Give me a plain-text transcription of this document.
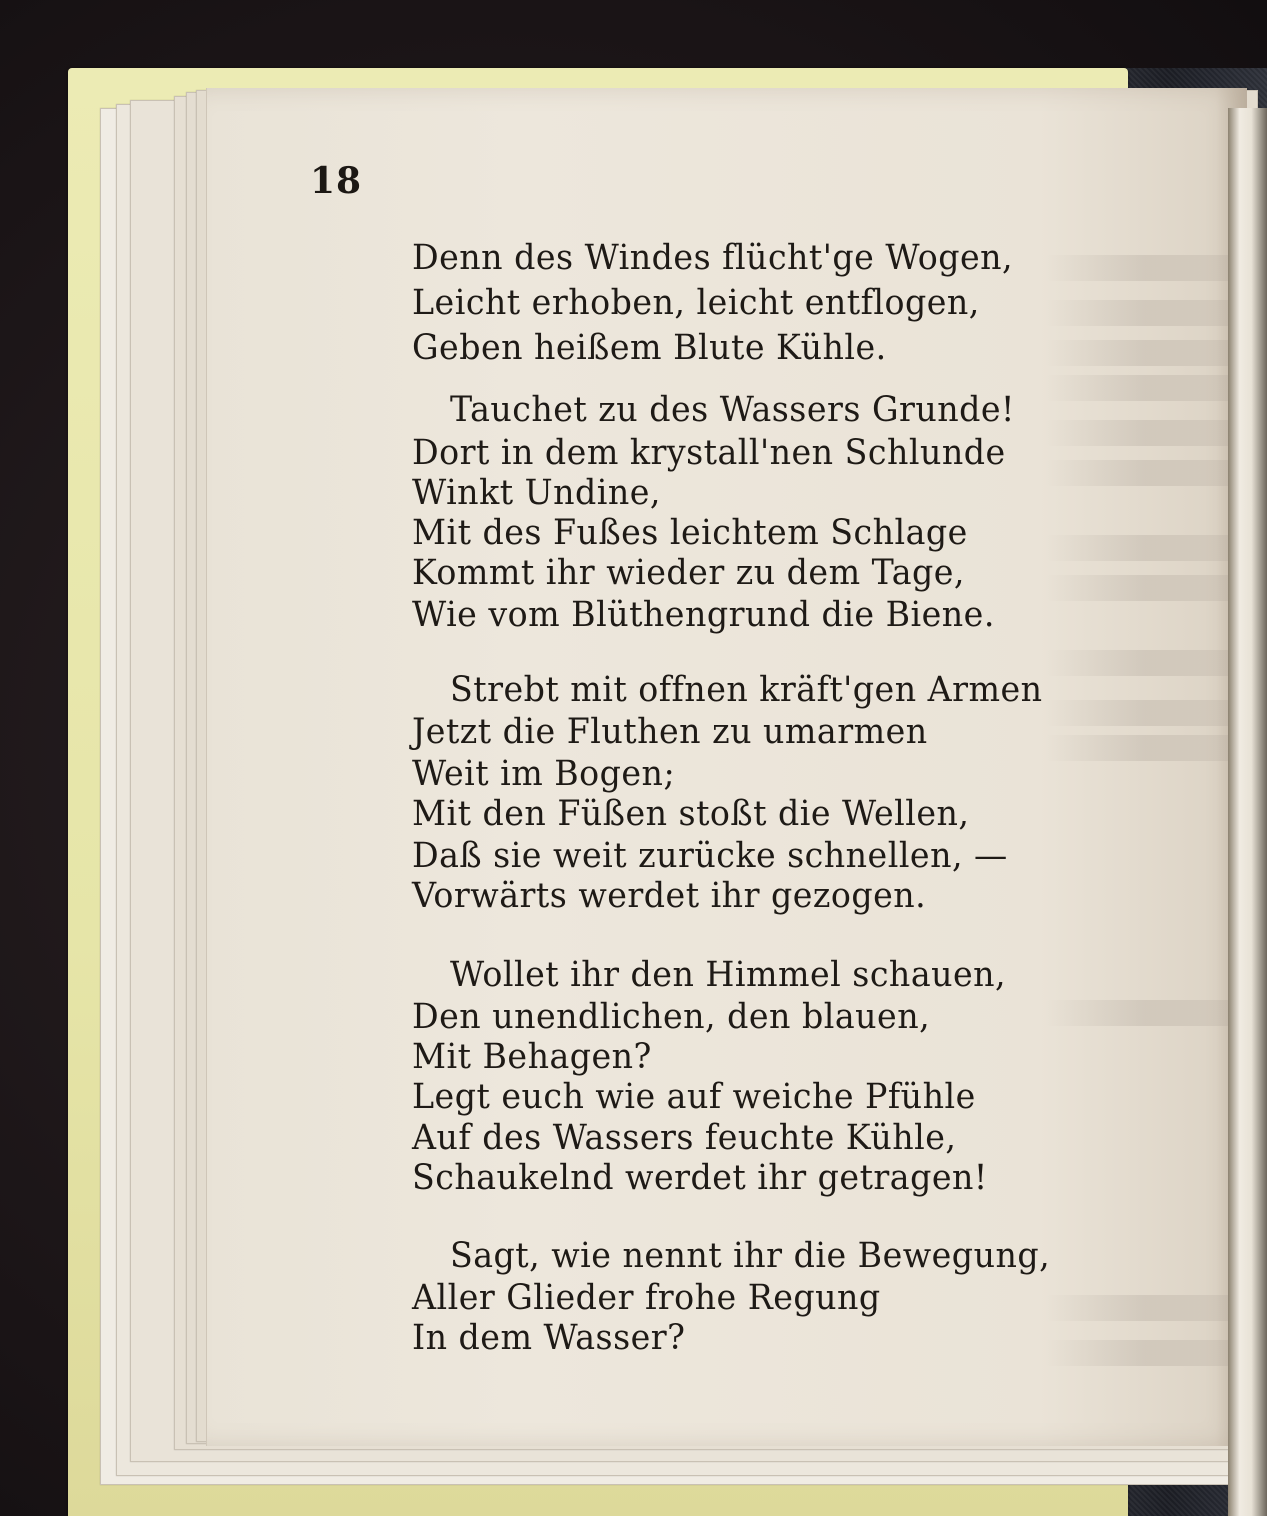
18
Denn des Windes flücht'ge Wogen,
Leicht erhoben, leicht entflogen,
Geben heißem Blute Kühle.
Tauchet zu des Wassers Grunde!
Dort in dem krystall'nen Schlunde
Winkt Undine,
Mit des Fußes leichtem Schlage
Kommt ihr wieder zu dem Tage,
Wie vom Blüthengrund die Biene.
Strebt mit offnen kräft'gen Armen
Jetzt die Fluthen zu umarmen
Weit im Bogen;
Mit den Füßen stoßt die Wellen,
Daß sie weit zurücke schnellen, —
Vorwärts werdet ihr gezogen.
Wollet ihr den Himmel schauen,
Den unendlichen, den blauen,
Mit Behagen?
Legt euch wie auf weiche Pfühle
Auf des Wassers feuchte Kühle,
Schaukelnd werdet ihr getragen!
Sagt, wie nennt ihr die Bewegung,
Aller Glieder frohe Regung
In dem Wasser?
